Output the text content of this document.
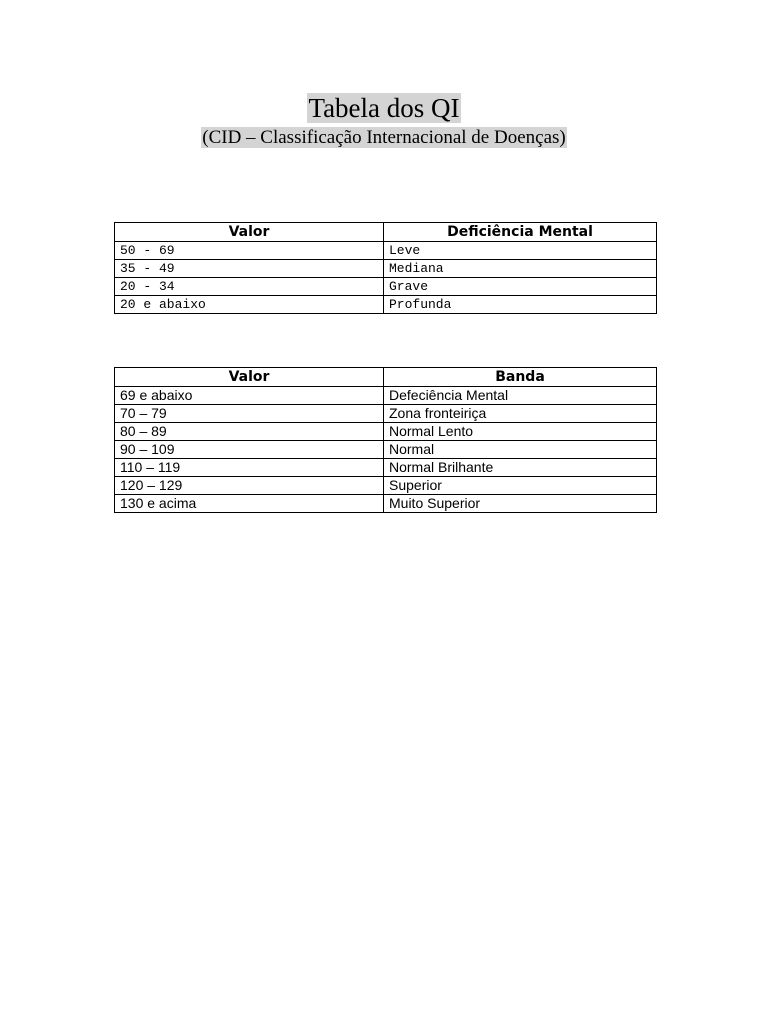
Tabela dos QI
(CID – Classificação Internacional de Doenças)
Valor	Deficiência Mental
50 - 69	Leve
35 - 49	Mediana
20 - 34	Grave
20 e abaixo	Profunda
Valor	Banda
69 e abaixo	Defeciência Mental
70 – 79	Zona fronteiriça
80 – 89	Normal Lento
90 – 109	Normal
110 – 119	Normal Brilhante
120 – 129	Superior
130 e acima	Muito Superior
